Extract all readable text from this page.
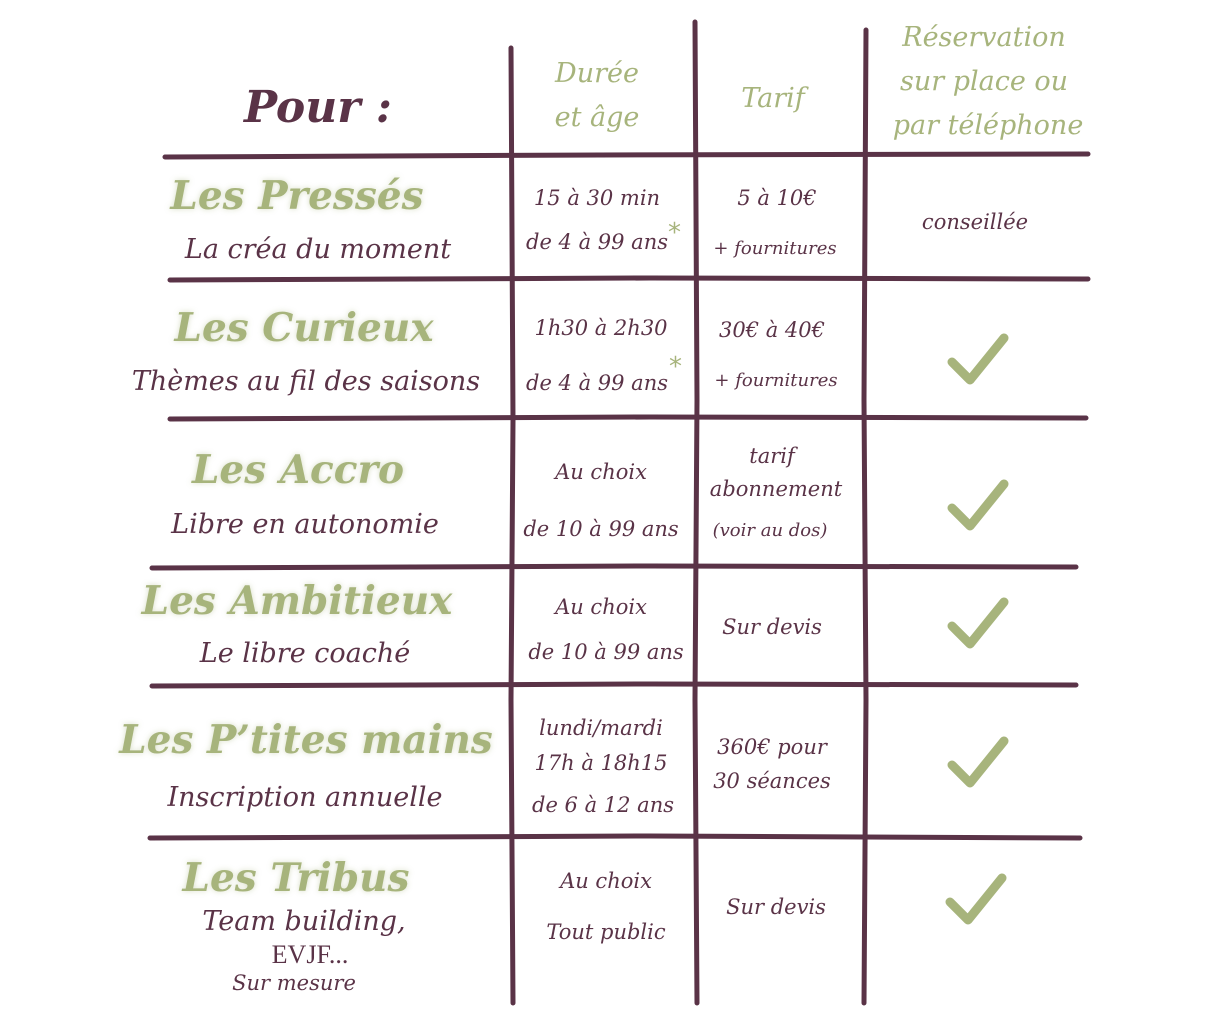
Pour :
Durée
et âge
Tarif
Réservation
sur place ou
par téléphone
Les Pressés
La créa du moment
15 à 30 min
de 4 à 99 ans *
5 à 10€
+ fournitures
conseillée
Les Curieux
Thèmes au fil des saisons
1h30 à 2h30
de 4 à 99 ans
*
30€ à 40€
+ fournitures
Les Accro
Libre en autonomie
Au choix
de 10 à 99 ans
tarif
abonnement
(voir au dos)
Les Ambitieux
Le libre coaché
Au choix
de 10 à 99 ans
Sur devis
Les P’tites mains
Inscription annuelle
lundi/mardi
17h à 18h15
de 6 à 12 ans
360€ pour
30 séances
Les Tribus
Team building,
EVJF...
Sur mesure
Au choix
Tout public
Sur devis
